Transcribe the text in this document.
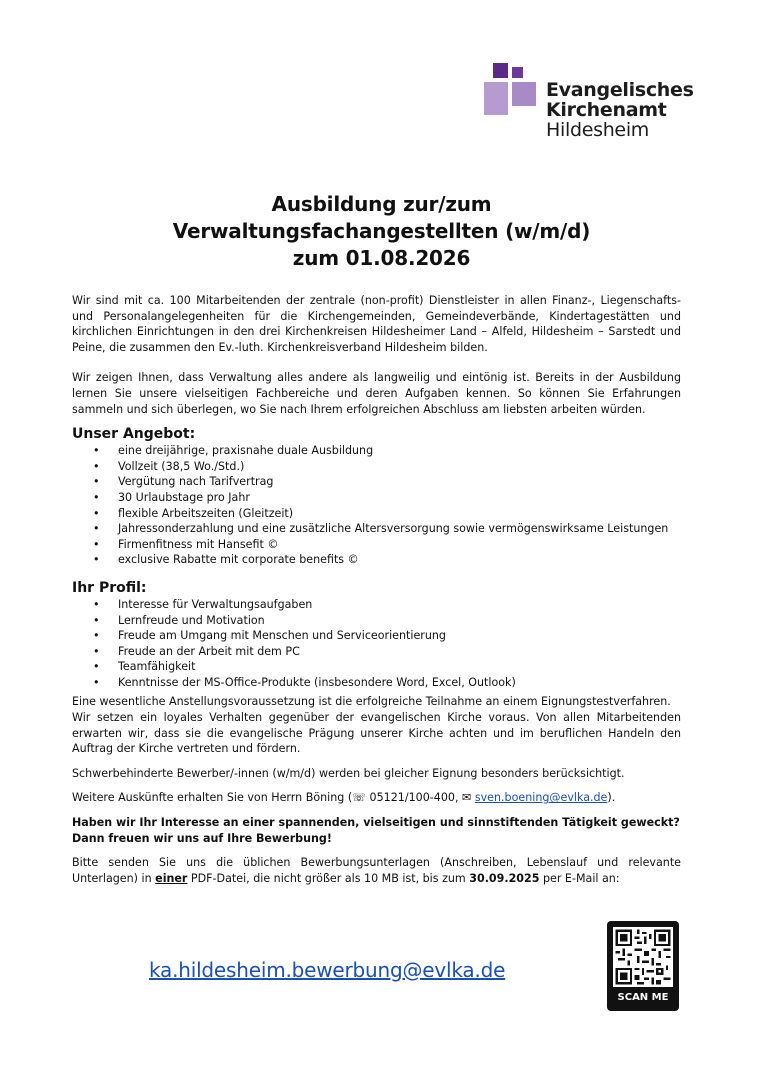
Evangelisches
Kirchenamt
Hildesheim
Ausbildung zur/zum
Verwaltungsfachangestellten (w/m/d)
zum 01.08.2026

Wir sind mit ca. 100 Mitarbeitenden der zentrale (non-profit) Dienstleister in allen Finanz-, Liegenschafts- und Personalangelegenheiten für die Kirchengemeinden, Gemeindeverbände, Kindertagestätten und kirchlichen Einrichtungen in den drei Kirchenkreisen Hildesheimer Land – Alfeld, Hildesheim – Sarstedt und Peine, die zusammen den Ev.-luth. Kirchenkreisverband Hildesheim bilden.

Wir zeigen Ihnen, dass Verwaltung alles andere als langweilig und eintönig ist. Bereits in der Ausbildung lernen Sie unsere vielseitigen Fachbereiche und deren Aufgaben kennen. So können Sie Erfahrungen sammeln und sich überlegen, wo Sie nach Ihrem erfolgreichen Abschluss am liebsten arbeiten würden.

Unser Angebot:
• eine dreijährige, praxisnahe duale Ausbildung
• Vollzeit (38,5 Wo./Std.)
• Vergütung nach Tarifvertrag
• 30 Urlaubstage pro Jahr
• flexible Arbeitszeiten (Gleitzeit)
• Jahressonderzahlung und eine zusätzliche Altersversorgung sowie vermögenswirksame Leistungen
• Firmenfitness mit Hansefit ©
• exclusive Rabatte mit corporate benefits ©
Ihr Profil:
• Interesse für Verwaltungsaufgaben
• Lernfreude und Motivation
• Freude am Umgang mit Menschen und Serviceorientierung
• Freude an der Arbeit mit dem PC
• Teamfähigkeit
• Kenntnisse der MS-Office-Produkte (insbesondere Word, Excel, Outlook)

Eine wesentliche Anstellungsvoraussetzung ist die erfolgreiche Teilnahme an einem Eignungstestverfahren.

Wir setzen ein loyales Verhalten gegenüber der evangelischen Kirche voraus. Von allen Mitarbeitenden erwarten wir, dass sie die evangelische Prägung unserer Kirche achten und im beruflichen Handeln den Auftrag der Kirche vertreten und fördern.

Schwerbehinderte Bewerber/-innen (w/m/d) werden bei gleicher Eignung besonders berücksichtigt.

Weitere Auskünfte erhalten Sie von Herrn Böning (☏ 05121/100-400, ✉ sven.boening@evlka.de).

Haben wir Ihr Interesse an einer spannenden, vielseitigen und sinnstiftenden Tätigkeit geweckt?

Dann freuen wir uns auf Ihre Bewerbung!

Bitte senden Sie uns die üblichen Bewerbungsunterlagen (Anschreiben, Lebenslauf und relevante Unterlagen) in einer PDF-Datei, die nicht größer als 10 MB ist, bis zum 30.09.2025 per E-Mail an:

ka.hildesheim.bewerbung@evlka.de
SCAN ME
